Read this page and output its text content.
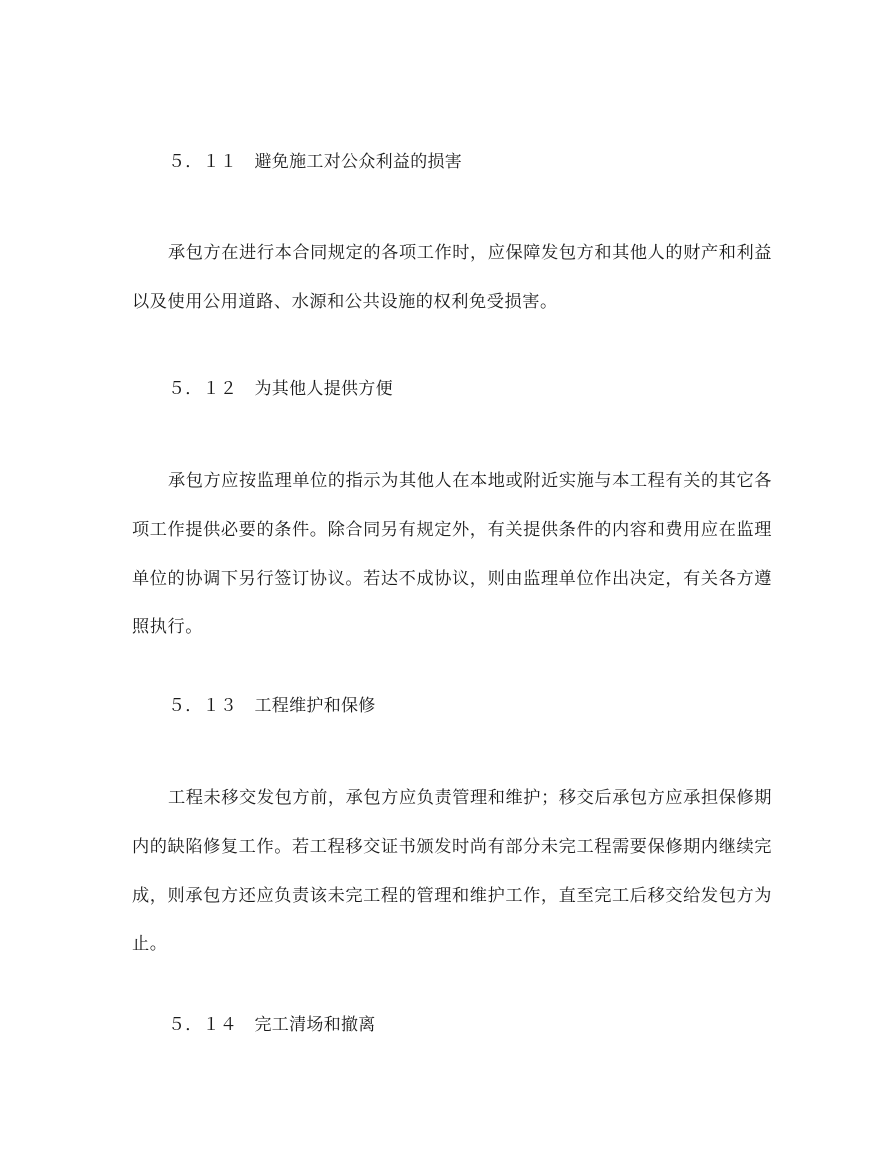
５．１１　避免施工对公众利益的损害

承包方在进行本合同规定的各项工作时，应保障发包方和其他人的财产和利益以及使用公用道路、水源和公共设施的权利免受损害。

５．１２　为其他人提供方便

承包方应按监理单位的指示为其他人在本地或附近实施与本工程有关的其它各项工作提供必要的条件。除合同另有规定外，有关提供条件的内容和费用应在监理单位的协调下另行签订协议。若达不成协议，则由监理单位作出决定，有关各方遵照执行。

５．１３　工程维护和保修

工程未移交发包方前，承包方应负责管理和维护；移交后承包方应承担保修期内的缺陷修复工作。若工程移交证书颁发时尚有部分未完工程需要保修期内继续完成，则承包方还应负责该未完工程的管理和维护工作，直至完工后移交给发包方为止。

５．１４　完工清场和撤离
